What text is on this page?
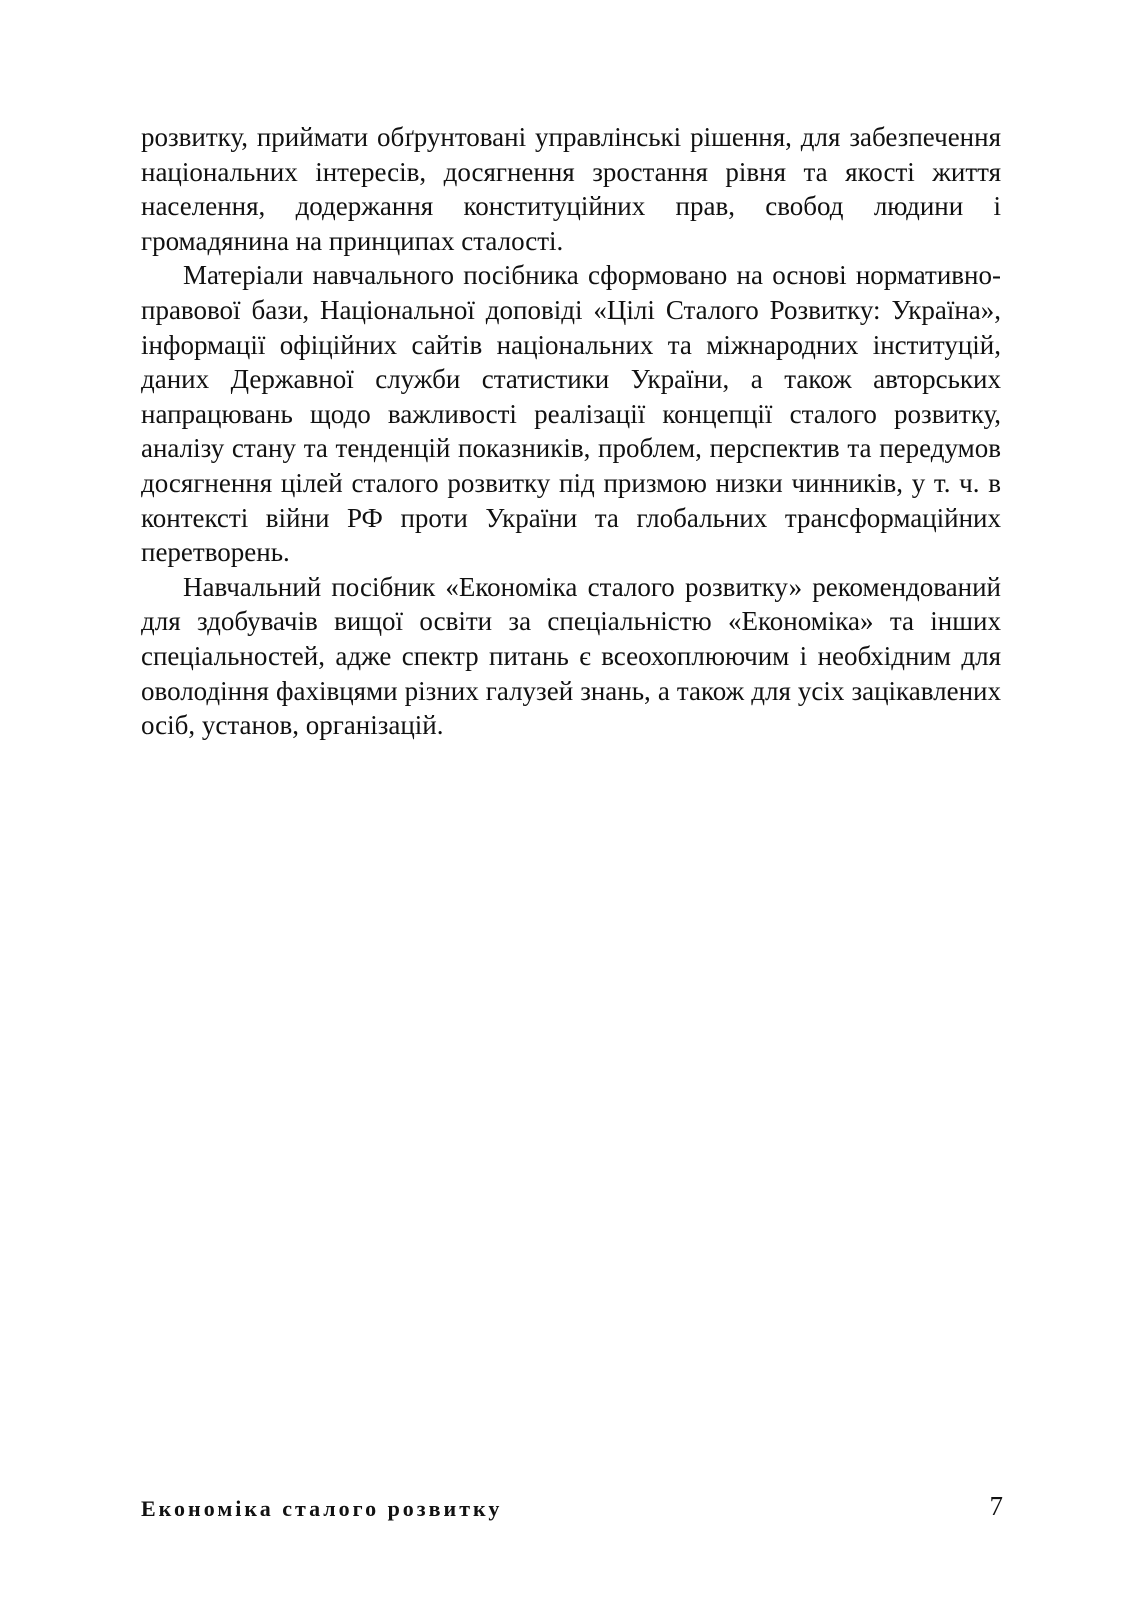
розвитку, приймати обґрунтовані управлінські рішення, для забезпечення національних інтересів, досягнення зростання рівня та якості життя населення, додержання конституційних прав, свобод людини і громадянина на принципах сталості.

Матеріали навчального посібника сформовано на основі нормативно-правової бази, Національної доповіді «Цілі Сталого Розвитку: Україна», інформації офіційних сайтів національних та міжнародних інституцій, даних Державної служби статистики України, а також авторських напрацювань щодо важливості реалізації концепції сталого розвитку, аналізу стану та тенденцій показників, проблем, перспектив та передумов досягнення цілей сталого розвитку під призмою низки чинників, у т. ч. в контексті війни РФ проти України та глобальних трансформаційних перетворень.

Навчальний посібник «Економіка сталого розвитку» рекомендований для здобувачів вищої освіти за спеціальністю «Економіка» та інших спеціальностей, адже спектр питань є всеохоплюючим і необхідним для оволодіння фахівцями різних галузей знань, а також для усіх зацікавлених осіб, установ, організацій.

Економіка сталого розвитку	7
